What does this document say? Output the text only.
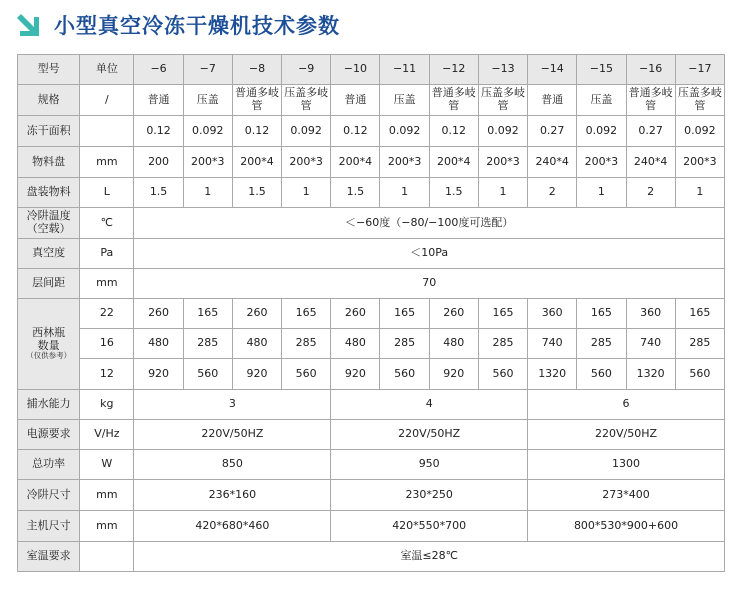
小型真空冷冻干燥机技术参数
型号	单位	−6	−7	−8	−9	−10	−11	−12	−13	−14	−15	−16	−17
规格	/	普通	压盖	普通多岐管	压盖多岐管	普通	压盖	普通多岐管	压盖多岐管	普通	压盖	普通多岐管	压盖多岐管
冻干面积		0.12	0.092	0.12	0.092	0.12	0.092	0.12	0.092	0.27	0.092	0.27	0.092
物料盘	mm	200	200*3	200*4	200*3	200*4	200*3	200*4	200*3	240*4	200*3	240*4	200*3
盘装物料	L	1.5	1	1.5	1	1.5	1	1.5	1	2	1	2	1
冷阱温度
（空载）	℃	＜−60度（−80/−100度可选配）											
真空度	Pa	＜10Pa											
层间距	mm	70											
西林瓶
数量
（仅供参考）	22	260	165	260	165	260	165	260	165	360	165	360	165
	16	480	285	480	285	480	285	480	285	740	285	740	285
	12	920	560	920	560	920	560	920	560	1320	560	1320	560
捕水能力	kg	3				4				6			
电源要求	V/Hz	220V/50HZ				220V/50HZ				220V/50HZ			
总功率	W	850				950				1300			
冷阱尺寸	mm	236*160				230*250				273*400			
主机尺寸	mm	420*680*460				420*550*700				800*530*900+600			
室温要求		室温≤28℃											
